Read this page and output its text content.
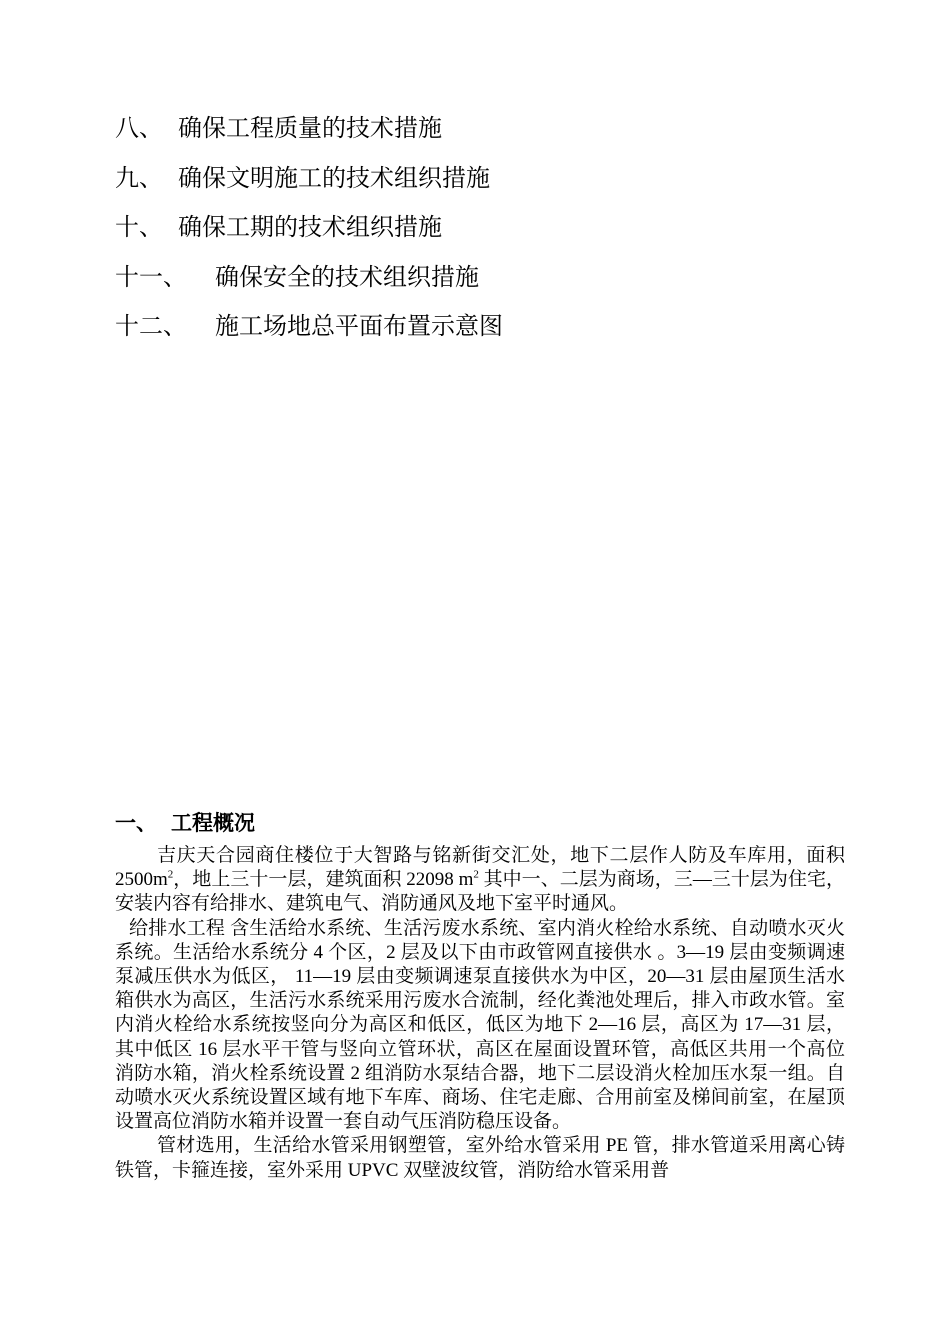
八、 确保工程质量的技术措施
九、 确保文明施工的技术组织措施
十、 确保工期的技术组织措施
十一、 确保安全的技术组织措施
十二、 施工场地总平面布置示意图
一、 工程概况

吉庆天合园商住楼位于大智路与铭新街交汇处，地下二层作人防及车库用，面积 $2500m^2$，地上三十一层，建筑面积 22098 $m^2$ 其中一、二层为商场，三—三十层为住宅，安装内容有给排水、建筑电气、消防通风及地下室平时通风。

给排水工程 含生活给水系统、生活污废水系统、室内消火栓给水系统、自动喷水灭火系统。生活给水系统分 4 个区，2 层及以下由市政管网直接供水 。3—19 层由变频调速泵减压供水为低区， 11—19 层由变频调速泵直接供水为中区，20—31 层由屋顶生活水箱供水为高区，生活污水系统采用污废水合流制，经化粪池处理后，排入市政水管。室内消火栓给水系统按竖向分为高区和低区，低区为地下 2—16 层，高区为 17—31 层，其中低区 16 层水平干管与竖向立管环状，高区在屋面设置环管，高低区共用一个高位消防水箱，消火栓系统设置 2 组消防水泵结合器，地下二层设消火栓加压水泵一组。自动喷水灭火系统设置区域有地下车库、商场、住宅走廊、合用前室及梯间前室，在屋顶设置高位消防水箱并设置一套自动气压消防稳压设备。

管材选用，生活给水管采用钢塑管，室外给水管采用 PE 管，排水管道采用离心铸铁管，卡箍连接，室外采用 UPVC 双壁波纹管，消防给水管采用普
